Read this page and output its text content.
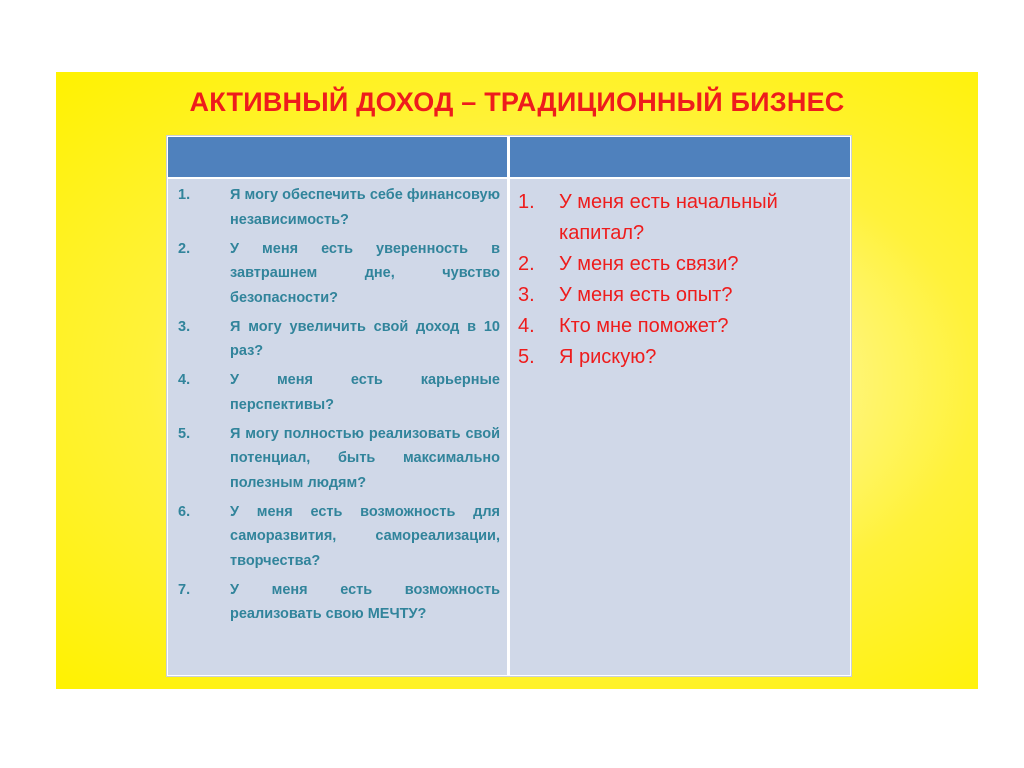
АКТИВНЫЙ ДОХОД – ТРАДИЦИОННЫЙ БИЗНЕС
1.	Я могу обеспечить себе финансовую независимость?
2.	У меня есть уверенность в завтрашнем дне, чувство безопасности?
3.	Я могу увеличить свой доход в 10 раз?
4.	У меня есть карьерные перспективы?
5.	Я могу полностью реализовать свой потенциал, быть максимально полезным людям?
6.	У меня есть возможность для саморазвития, самореализации, творчества?
7.	У меня есть возможность реализовать свою МЕЧТУ?
1.	У меня есть начальный капитал?
2.	У меня есть связи?
3.	У меня есть опыт?
4.	Кто мне поможет?
5.	Я рискую?
